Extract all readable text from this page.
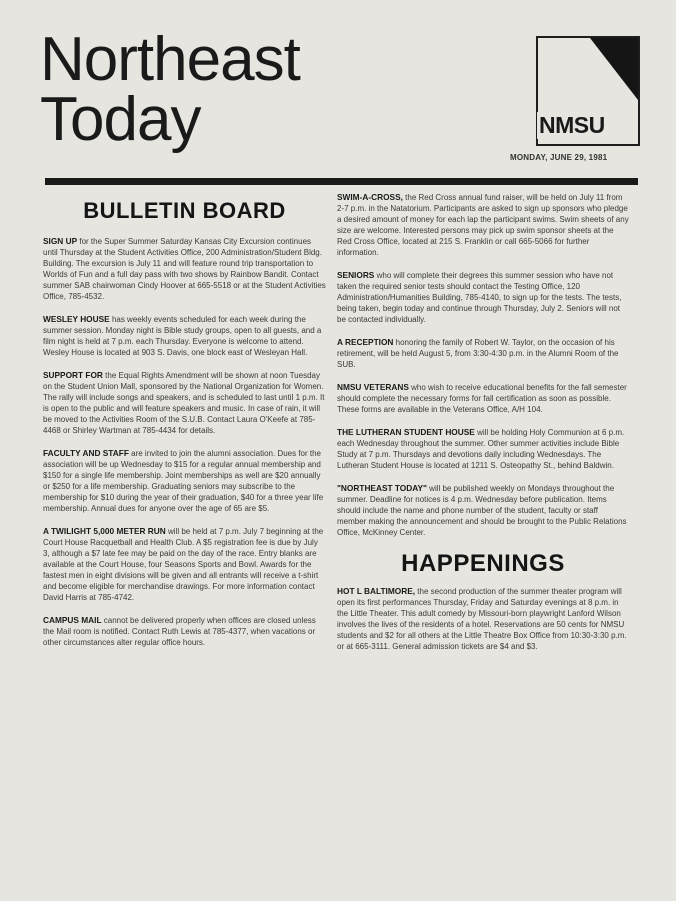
Northeast
Today	NMSU
MONDAY, JUNE 29, 1981
BULLETIN BOARD

SIGN UP for the Super Summer Saturday Kansas City Excursion continues until Thursday at the Student Activities Office, 200 Administration/Student Bldg. Building. The excursion is July 11 and will feature round trip transportation to Worlds of Fun and a full day pass with two shows by Rainbow Bandit. Contact summer SAB chairwoman Cindy Hoover at 665-5518 or at the Student Activities Office, 785-4532.

WESLEY HOUSE has weekly events scheduled for each week during the summer session. Monday night is Bible study groups, open to all guests, and a film night is held at 7 p.m. each Thursday. Everyone is welcome to attend. Wesley House is located at 903 S. Davis, one block east of Wesleyan Hall.

SUPPORT FOR the Equal Rights Amendment will be shown at noon Tuesday on the Student Union Mall, sponsored by the National Organization for Women. The rally will include songs and speakers, and is scheduled to last until 1 p.m. It is open to the public and will feature speakers and music. In case of rain, it will be moved to the Activities Room of the S.U.B. Contact Laura O'Keefe at 785-4468 or Shirley Wartman at 785-4434 for details.

FACULTY AND STAFF are invited to join the alumni association. Dues for the association will be up Wednesday to $15 for a regular annual membership and $150 for a single life membership. Joint memberships as well are $20 annually or $250 for a life membership. Graduating seniors may subscribe to the membership for $10 during the year of their graduation, $40 for a three year life membership. Annual dues for anyone over the age of 65 are $5.

A TWILIGHT 5,000 METER RUN will be held at 7 p.m. July 7 beginning at the Court House Racquetball and Health Club. A $5 registration fee is due by July 3, although a $7 late fee may be paid on the day of the race. Entry blanks are available at the Court House, four Seasons Sports and Bowl. Awards for the fastest men in eight divisions will be given and all entrants will receive a t-shirt and become eligible for merchandise drawings. For more information contact David Harris at 785-4742.

CAMPUS MAIL cannot be delivered properly when offices are closed unless the Mail room is notified. Contact Ruth Lewis at 785-4377, when vacations or other circumstances alter regular office hours.

SWIM-A-CROSS, the Red Cross annual fund raiser, will be held on July 11 from 2-7 p.m. in the Natatorium. Participants are asked to sign up sponsors who pledge a desired amount of money for each lap the participant swims. Swim sheets of any size are welcome. Interested persons may pick up swim sponsor sheets at the Red Cross Office, located at 215 S. Franklin or call 665-5066 for further information.

SENIORS who will complete their degrees this summer session who have not taken the required senior tests should contact the Testing Office, 120 Administration/Humanities Building, 785-4140, to sign up for the tests. The tests, being taken, begin today and continue through Thursday, July 2. Seniors will not be contacted individually.

A RECEPTION honoring the family of Robert W. Taylor, on the occasion of his retirement, will be held August 5, from 3:30-4:30 p.m. in the Alumni Room of the SUB.

NMSU VETERANS who wish to receive educational benefits for the fall semester should complete the necessary forms for fall certification as soon as possible. These forms are available in the Veterans Office, A/H 104.

THE LUTHERAN STUDENT HOUSE will be holding Holy Communion at 6 p.m. each Wednesday throughout the summer. Other summer activities include Bible Study at 7 p.m. Thursdays and devotions daily including Wednesdays. The Lutheran Student House is located at 1211 S. Osteopathy St., behind Baldwin.

"NORTHEAST TODAY" will be published weekly on Mondays throughout the summer. Deadline for notices is 4 p.m. Wednesday before publication. Items should include the name and phone number of the student, faculty or staff member making the announcement and should be brought to the Public Relations Office, McKinney Center.

HAPPENINGS

HOT L BALTIMORE, the second production of the summer theater program will open its first performances Thursday, Friday and Saturday evenings at 8 p.m. in the Little Theater. This adult comedy by Missouri-born playwright Lanford Wilson involves the lives of the residents of a hotel. Reservations are 50 cents for NMSU students and $2 for all others at the Little Theatre Box Office from 10:30-3:30 p.m. or at 665-3111. General admission tickets are $4 and $3.
